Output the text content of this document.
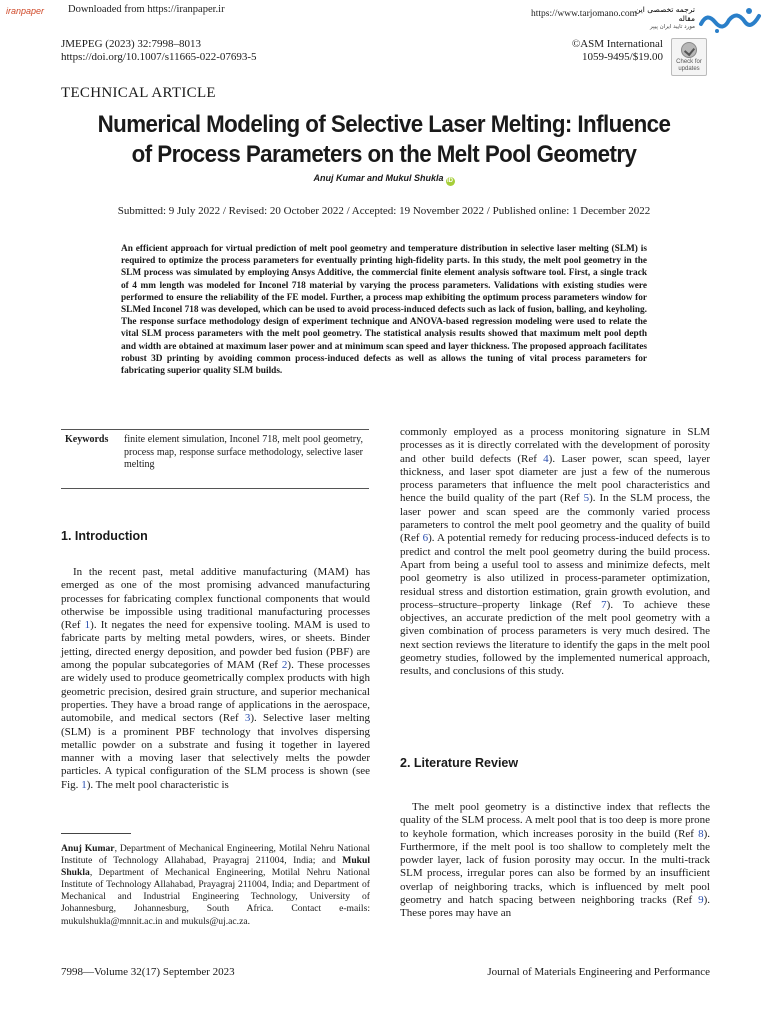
iranpaper Downloaded from https://iranpaper.ir	https://www.tarjomano.com
ترجمه تخصصی این مقاله
مورد تایید ایران پیپر
JMEPEG (2023) 32:7998–8013
https://doi.org/10.1007/s11665-022-07693-5
©ASM International
1059-9495/$19.00	Check for
updates
TECHNICAL ARTICLE
Numerical Modeling of Selective Laser Melting: Influence
of Process Parameters on the Melt Pool Geometry
Anuj Kumar and Mukul Shukla iD
Submitted: 9 July 2022 / Revised: 20 October 2022 / Accepted: 19 November 2022 / Published online: 1 December 2022
An efficient approach for virtual prediction of melt pool geometry and temperature distribution in selective laser melting (SLM) is required to optimize the process parameters for eventually printing high-fidelity parts. In this study, the melt pool geometry in the SLM process was simulated by employing Ansys Additive, the commercial finite element analysis software tool. First, a single track of 4 mm length was modeled for Inconel 718 material by varying the process parameters. Validations with existing studies were performed to ensure the reliability of the FE model. Further, a process map exhibiting the optimum process parameters window for SLMed Inconel 718 was developed, which can be used to avoid process-induced defects such as lack of fusion, balling, and keyholing. The response surface methodology design of experiment technique and ANOVA-based regression modeling were used to relate the vital SLM process parameters with the melt pool geometry. The statistical analysis results showed that maximum melt pool depth and width are obtained at maximum laser power and at minimum scan speed and layer thickness. The proposed approach facilitates robust 3D printing by avoiding common process-induced defects as well as allows the tuning of vital process parameters for fabricating superior quality SLM builds.
Keywords finite element simulation, Inconel 718, melt pool geometry, process map, response surface methodology, selective laser melting
1. Introduction
2. Literature Review

In the recent past, metal additive manufacturing (MAM) has emerged as one of the most promising advanced manufacturing processes for fabricating complex functional components that would otherwise be impossible using traditional manufacturing processes (Ref 1). It negates the need for expensive tooling. MAM is used to fabricate parts by melting metal powders, wires, or sheets. Binder jetting, directed energy deposition, and powder bed fusion (PBF) are among the popular subcategories of MAM (Ref 2). These processes are widely used to produce geometrically complex products with high geometric precision, desired grain structure, and superior mechanical properties. They have a broad range of applications in the aerospace, automobile, and medical sectors (Ref 3). Selective laser melting (SLM) is a prominent PBF technology that involves dispersing metallic powder on a substrate and fusing it together in layered manner with a moving laser that selectively melts the powder particles. A typical configuration of the SLM process is shown (see Fig. 1). The melt pool characteristic is

commonly employed as a process monitoring signature in SLM processes as it is directly correlated with the development of porosity and other build defects (Ref 4). Laser power, scan speed, layer thickness, and laser spot diameter are just a few of the numerous process parameters that influence the melt pool characteristics and hence the build quality of the part (Ref 5). In the SLM process, the laser power and scan speed are the commonly varied process parameters to control the melt pool geometry and the quality of build (Ref 6). A potential remedy for reducing process-induced defects is to predict and control the melt pool geometry during the build process. Apart from being a useful tool to assess and minimize defects, melt pool geometry is also utilized in process-parameter optimization, residual stress and distortion estimation, grain growth evolution, and process–structure–property linkage (Ref 7). To achieve these objectives, an accurate prediction of the melt pool geometry with a given combination of process parameters is very much desired. The next section reviews the literature to identify the gaps in the melt pool geometry studies, followed by the implemented numerical approach, results, and conclusions of this study.

The melt pool geometry is a distinctive index that reflects the quality of the SLM process. A melt pool that is too deep is more prone to keyhole formation, which increases porosity in the build (Ref 8). Furthermore, if the melt pool is too shallow to completely melt the powder layer, lack of fusion porosity may occur. In the multi-track SLM process, irregular pores can also be formed by an insufficient overlap of neighboring tracks, which is influenced by melt pool geometry and hatch spacing between neighboring tracks (Ref 9). These pores may have an

Anuj Kumar, Department of Mechanical Engineering, Motilal Nehru National Institute of Technology Allahabad, Prayagraj 211004, India; and Mukul Shukla, Department of Mechanical Engineering, Motilal Nehru National Institute of Technology Allahabad, Prayagraj 211004, India; and Department of Mechanical and Industrial Engineering Technology, University of Johannesburg, Johannesburg, South Africa. Contact e-mails: mukulshukla@mnnit.ac.in and mukuls@uj.ac.za.
7998—Volume 32(17) September 2023	Journal of Materials Engineering and Performance
